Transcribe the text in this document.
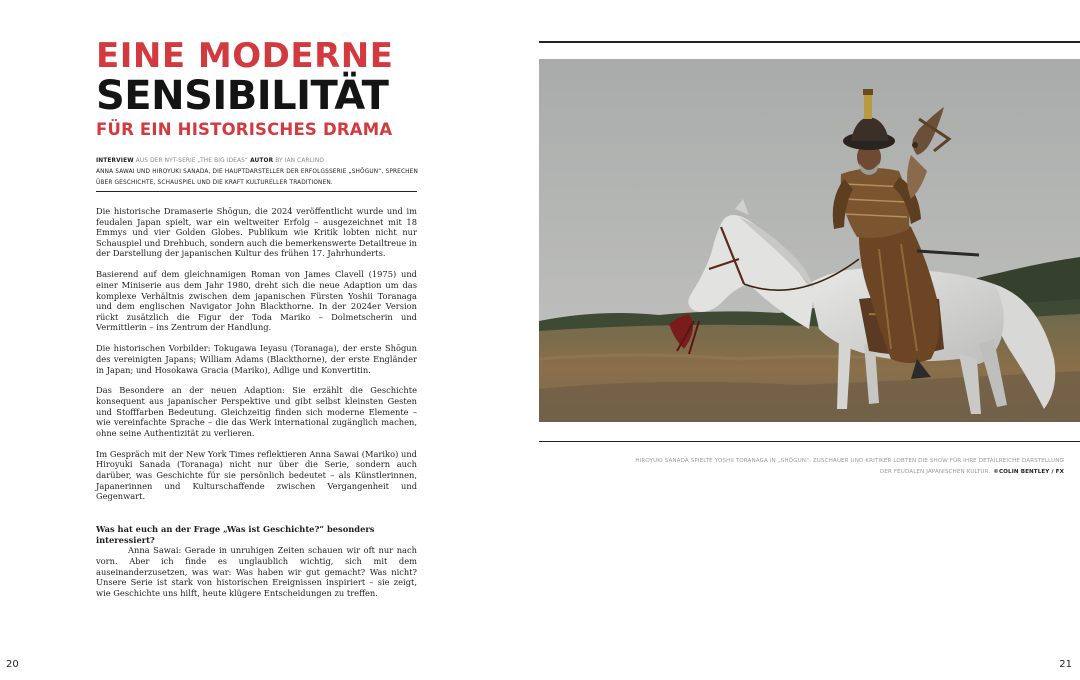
EINE MODERNE
SENSIBILITÄT
FÜR EIN HISTORISCHES DRAMA
INTERVIEW AUS DER NYT-SERIE „THE BIG IDEAS“ AUTOR BY IAN CARLINO
ANNA SAWAI UND HIROYUKI SANADA, DIE HAUPTDARSTELLER DER ERFOLGSSERIE „SHŌGUN“, SPRECHEN ÜBER GESCHICHTE, SCHAUSPIEL UND DIE KRAFT KULTURELLER TRADITIONEN.

Die historische Dramaserie Shōgun, die 2024 veröffentlicht wurde und im feudalen Japan spielt, war ein weltweiter Erfolg – ausgezeichnet mit 18 Emmys und vier Golden Globes. Publikum wie Kritik lobten nicht nur Schauspiel und Drehbuch, sondern auch die bemerkenswerte Detailtreue in der Darstellung der japanischen Kultur des frühen 17. Jahrhunderts.

Basierend auf dem gleichnamigen Roman von James Clavell (1975) und einer Miniserie aus dem Jahr 1980, dreht sich die neue Adaption um das komplexe Verhältnis zwischen dem japanischen Fürsten Yoshii Toranaga und dem englischen Navigator John Blackthorne. In der 2024er Version rückt zusätzlich die Figur der Toda Mariko – Dolmetscherin und Vermittlerin – ins Zentrum der Handlung.

Die historischen Vorbilder: Tokugawa Ieyasu (Toranaga), der erste Shōgun des vereinigten Japans; William Adams (Blackthorne), der erste Engländer in Japan; und Hosokawa Gracia (Mariko), Adlige und Konvertitin.

Das Besondere an der neuen Adaption: Sie erzählt die Geschichte konsequent aus japanischer Perspektive und gibt selbst kleinsten Gesten und Stofffarben Bedeutung. Gleichzeitig finden sich moderne Elemente – wie vereinfachte Sprache – die das Werk international zugänglich machen, ohne seine Authentizität zu verlieren.

Im Gespräch mit der New York Times reflektieren Anna Sawai (Mariko) und Hiroyuki Sanada (Toranaga) nicht nur über die Serie, sondern auch darüber, was Geschichte für sie persönlich bedeutet – als Künstlerinnen, Japanerinnen und Kulturschaffende zwischen Vergangenheit und Gegenwart.

Was hat euch an der Frage „Was ist Geschichte?“ besonders interessiert?
Anna Sawai: Gerade in unruhigen Zeiten schauen wir oft nur nach vorn. Aber ich finde es unglaublich wichtig, sich mit dem auseinanderzusetzen, was war: Was haben wir gut gemacht? Was nicht? Unsere Serie ist stark von historischen Ereignissen inspiriert – sie zeigt, wie Geschichte uns hilft, heute klügere Entscheidungen zu treffen.
20
HIROYUKI SANADA SPIELTE YOSHII TORANAGA IN „SHŌGUN“. ZUSCHAUER UND KRITIKER LOBTEN DIE SHOW FÜR IHRE DETAILREICHE DARSTELLUNG
DER FEUDALEN JAPANISCHEN KULTUR. ©COLIN BENTLEY / FX
21
